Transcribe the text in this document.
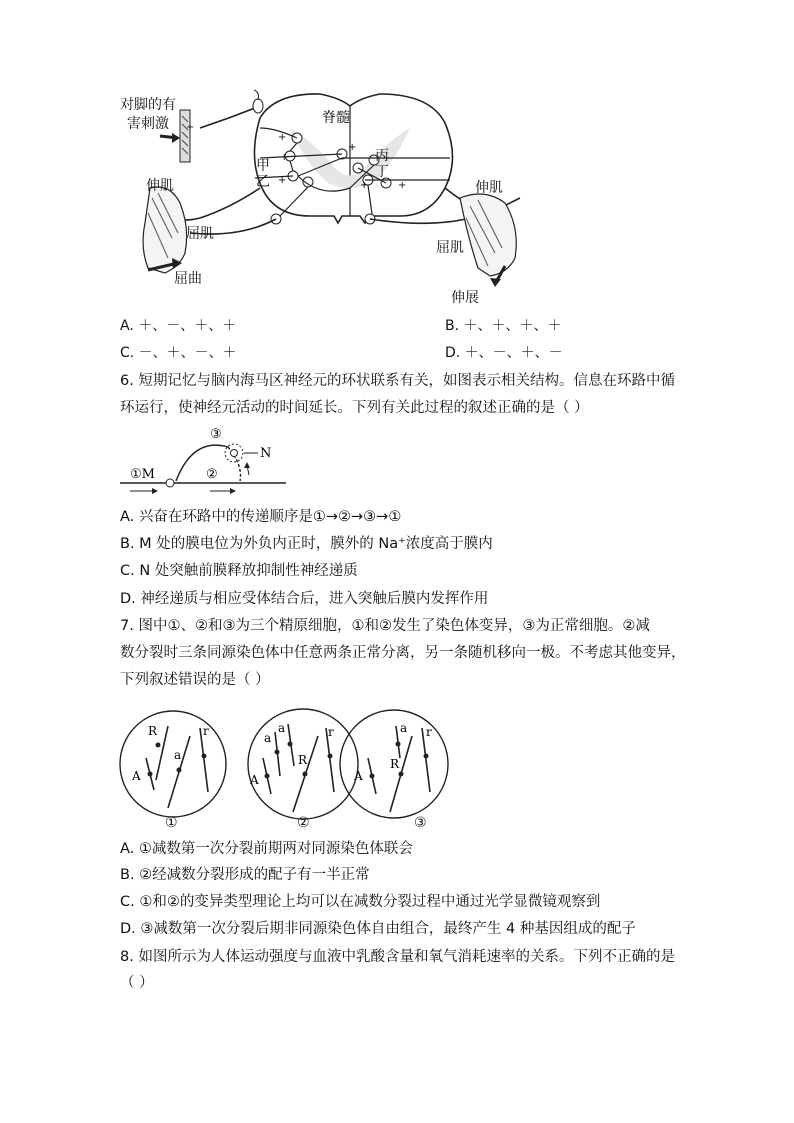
+
+
+
+	+
+
+
对脚的有
害刺激	脊髓
甲
乙
丙
丁
伸肌
屈肌
屈曲
伸肌
屈肌
伸展
A. ＋、－、＋、＋	B. ＋、＋、＋、＋
C. －、＋、－、＋	D. ＋、－、＋、－
6. 短期记忆与脑内海马区神经元的环状联系有关，如图表示相关结构。信息在环路中循
环运行，使神经元活动的时间延长。下列有关此过程的叙述正确的是（ ）
①M	②
③
N
A. 兴奋在环路中的传递顺序是①→②→③→①
B. M 处的膜电位为外负内正时，膜外的 Na⁺浓度高于膜内
C. N 处突触前膜释放抑制性神经递质
D. 神经递质与相应受体结合后，进入突触后膜内发挥作用
7. 图中①、②和③为三个精原细胞，①和②发生了染色体变异，③为正常细胞。②减
数分裂时三条同源染色体中任意两条正常分离，另一条随机移向一极。不考虑其他变异，
下列叙述错误的是（ ）
R
A
a
r	a
a
A
R
r	a
A
R
r
①	②	③
A. ①减数第一次分裂前期两对同源染色体联会
B. ②经减数分裂形成的配子有一半正常
C. ①和②的变异类型理论上均可以在减数分裂过程中通过光学显微镜观察到
D. ③减数第一次分裂后期非同源染色体自由组合，最终产生 4 种基因组成的配子
8. 如图所示为人体运动强度与血液中乳酸含量和氧气消耗速率的关系。下列不正确的是
（ ）
